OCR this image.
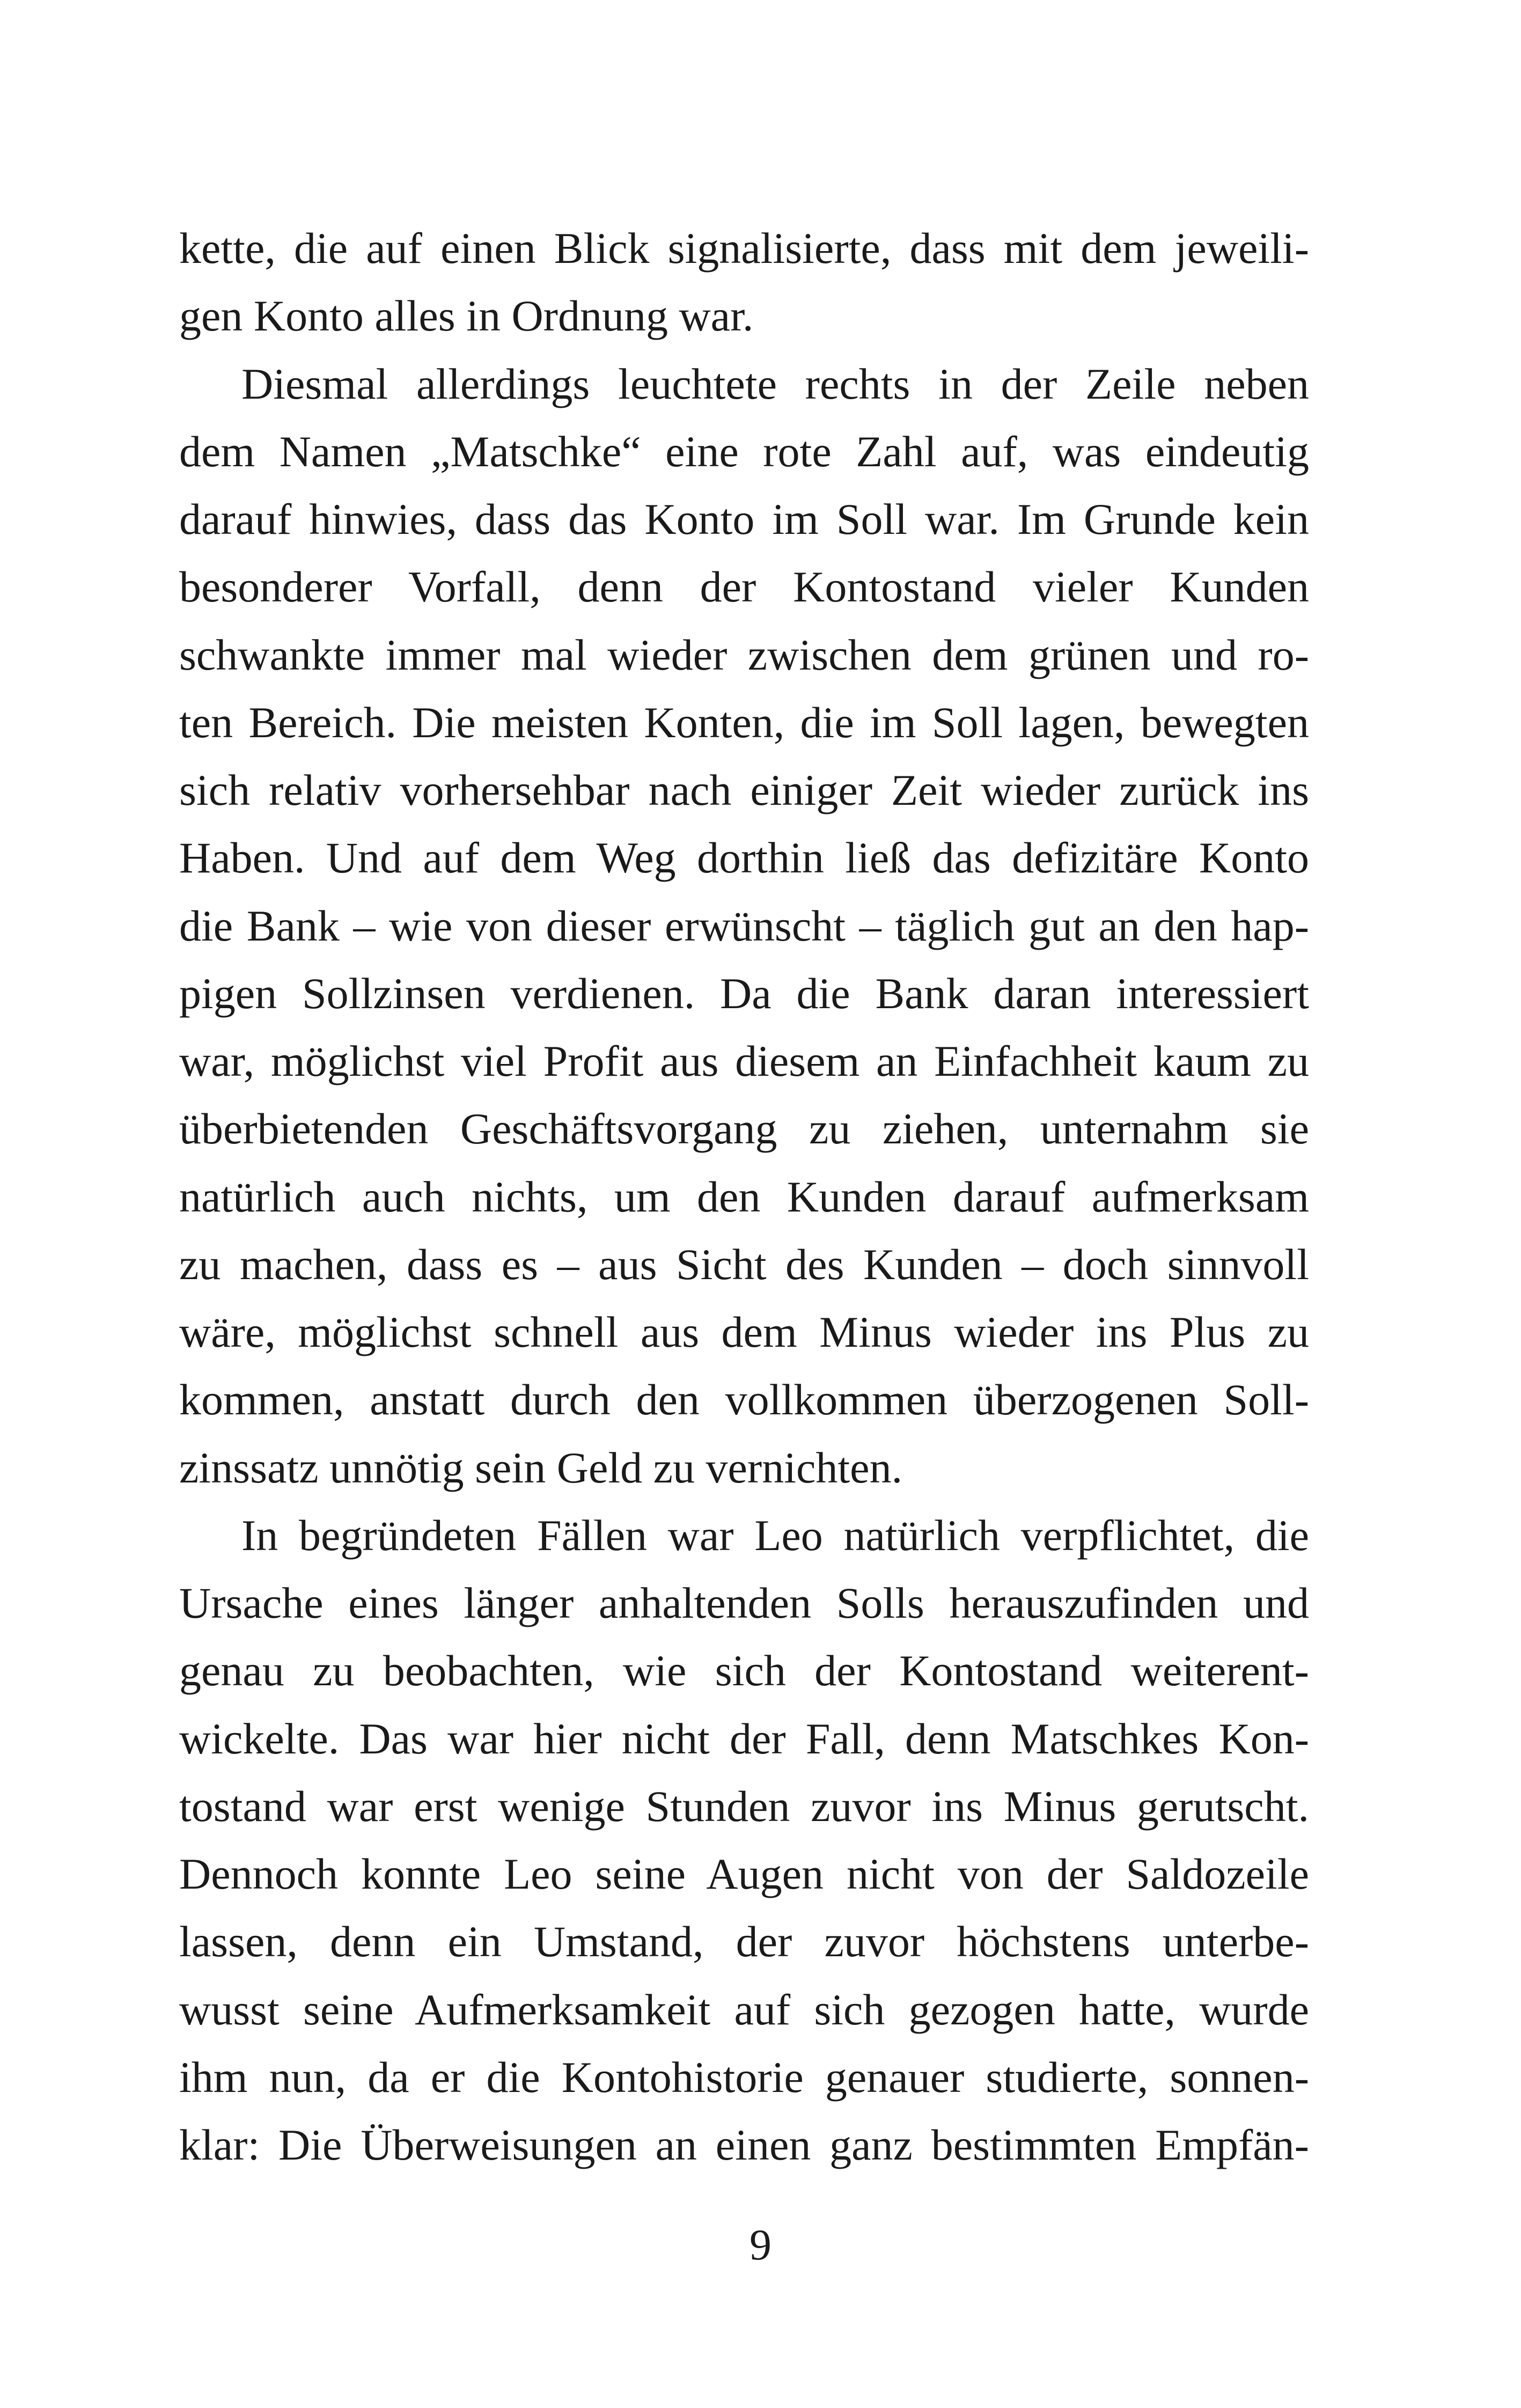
kette, die auf einen Blick signalisierte, dass mit dem jeweili-
gen Konto alles in Ordnung war.
Diesmal allerdings leuchtete rechts in der Zeile neben
dem Namen „Matschke“ eine rote Zahl auf, was eindeutig
darauf hinwies, dass das Konto im Soll war. Im Grunde kein
besonderer Vorfall, denn der Kontostand vieler Kunden
schwankte immer mal wieder zwischen dem grünen und ro-
ten Bereich. Die meisten Konten, die im Soll lagen, bewegten
sich relativ vorhersehbar nach einiger Zeit wieder zurück ins
Haben. Und auf dem Weg dorthin ließ das defizitäre Konto
die Bank – wie von dieser erwünscht – täglich gut an den hap-
pigen Sollzinsen verdienen. Da die Bank daran interessiert
war, möglichst viel Profit aus diesem an Einfachheit kaum zu
überbietenden Geschäftsvorgang zu ziehen, unternahm sie
natürlich auch nichts, um den Kunden darauf aufmerksam
zu machen, dass es – aus Sicht des Kunden – doch sinnvoll
wäre, möglichst schnell aus dem Minus wieder ins Plus zu
kommen, anstatt durch den vollkommen überzogenen Soll-
zinssatz unnötig sein Geld zu vernichten.
In begründeten Fällen war Leo natürlich verpflichtet, die
Ursache eines länger anhaltenden Solls herauszufinden und
genau zu beobachten, wie sich der Kontostand weiterent-
wickelte. Das war hier nicht der Fall, denn Matschkes Kon-
tostand war erst wenige Stunden zuvor ins Minus gerutscht.
Dennoch konnte Leo seine Augen nicht von der Saldozeile
lassen, denn ein Umstand, der zuvor höchstens unterbe-
wusst seine Aufmerksamkeit auf sich gezogen hatte, wurde
ihm nun, da er die Kontohistorie genauer studierte, sonnen-
klar: Die Überweisungen an einen ganz bestimmten Empfän-
9
